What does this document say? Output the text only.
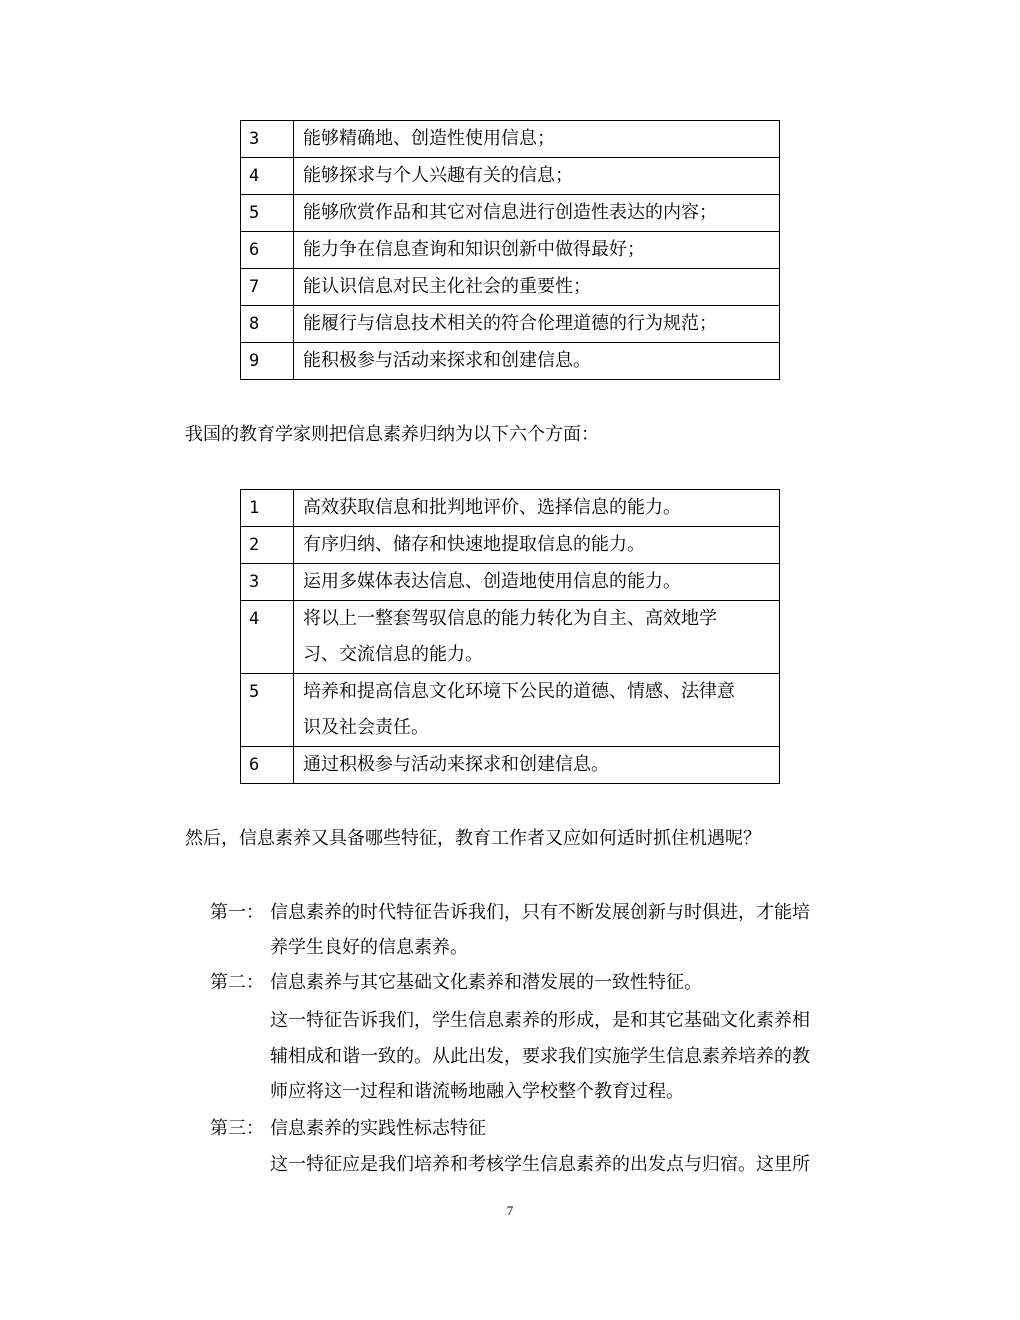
3	能够精确地、创造性使用信息；
4	能够探求与个人兴趣有关的信息；
5	能够欣赏作品和其它对信息进行创造性表达的内容；
6	能力争在信息查询和知识创新中做得最好；
7	能认识信息对民主化社会的重要性；
8	能履行与信息技术相关的符合伦理道德的行为规范；
9	能积极参与活动来探求和创建信息。
我国的教育学家则把信息素养归纳为以下六个方面：
1	高效获取信息和批判地评价、选择信息的能力。
2	有序归纳、储存和快速地提取信息的能力。
3	运用多媒体表达信息、创造地使用信息的能力。
4	将以上一整套驾驭信息的能力转化为自主、高效地学
习、交流信息的能力。

5	培养和提高信息文化环境下公民的道德、情感、法律意
识及社会责任。

6	通过积极参与活动来探求和创建信息。
然后，信息素养又具备哪些特征，教育工作者又应如何适时抓住机遇呢？
第一： 信息素养的时代特征告诉我们，只有不断发展创新与时俱进，才能培
养学生良好的信息素养。
第二： 信息素养与其它基础文化素养和潜发展的一致性特征。
这一特征告诉我们，学生信息素养的形成，是和其它基础文化素养相
辅相成和谐一致的。从此出发，要求我们实施学生信息素养培养的教
师应将这一过程和谐流畅地融入学校整个教育过程。
第三： 信息素养的实践性标志特征
这一特征应是我们培养和考核学生信息素养的出发点与归宿。这里所
7
